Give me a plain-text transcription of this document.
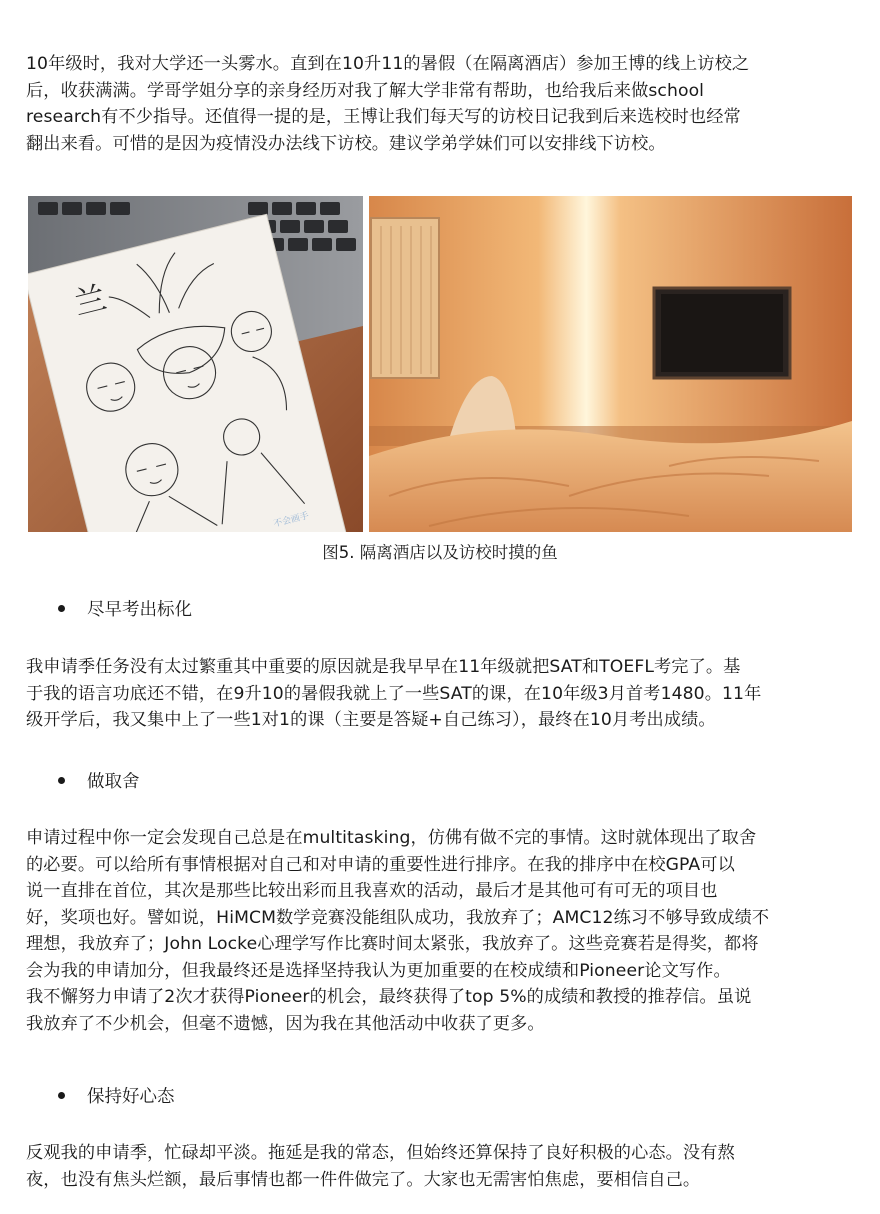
10年级时，我对大学还一头雾水。直到在10升11的暑假（在隔离酒店）参加王博的线上访校之
后，收获满满。学哥学姐分享的亲身经历对我了解大学非常有帮助，也给我后来做school
research有不少指导。还值得一提的是，王博让我们每天写的访校日记我到后来选校时也经常
翻出来看。可惜的是因为疫情没办法线下访校。建议学弟学妹们可以安排线下访校。
兰
不会画手
图5. 隔离酒店以及访校时摸的鱼
尽早考出标化
我申请季任务没有太过繁重其中重要的原因就是我早早在11年级就把SAT和TOEFL考完了。基
于我的语言功底还不错，在9升10的暑假我就上了一些SAT的课，在10年级3月首考1480。11年
级开学后，我又集中上了一些1对1的课（主要是答疑+自己练习），最终在10月考出成绩。
做取舍
申请过程中你一定会发现自己总是在multitasking，仿佛有做不完的事情。这时就体现出了取舍
的必要。可以给所有事情根据对自己和对申请的重要性进行排序。在我的排序中在校GPA可以
说一直排在首位，其次是那些比较出彩而且我喜欢的活动，最后才是其他可有可无的项目也
好，奖项也好。譬如说，HiMCM数学竞赛没能组队成功，我放弃了；AMC12练习不够导致成绩不
理想，我放弃了；John Locke心理学写作比赛时间太紧张，我放弃了。这些竞赛若是得奖，都将
会为我的申请加分，但我最终还是选择坚持我认为更加重要的在校成绩和Pioneer论文写作。
我不懈努力申请了2次才获得Pioneer的机会，最终获得了top 5%的成绩和教授的推荐信。虽说
我放弃了不少机会，但毫不遗憾，因为我在其他活动中收获了更多。
保持好心态
反观我的申请季，忙碌却平淡。拖延是我的常态，但始终还算保持了良好积极的心态。没有熬
夜，也没有焦头烂额，最后事情也都一件件做完了。大家也无需害怕焦虑，要相信自己。
